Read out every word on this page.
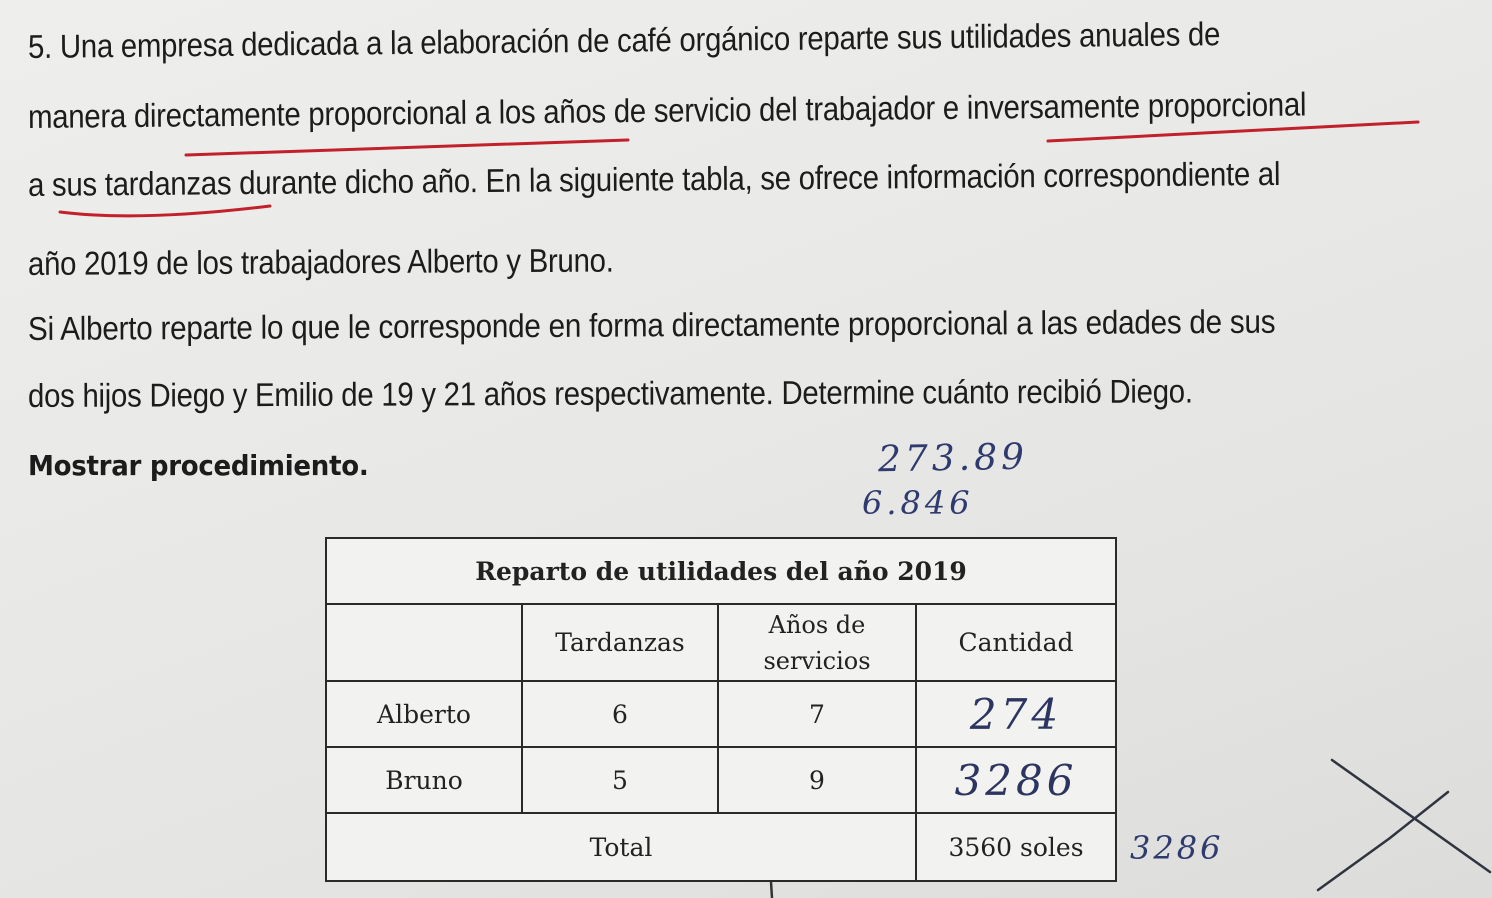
5. Una empresa dedicada a la elaboración de café orgánico reparte sus utilidades anuales de
manera directamente proporcional a los años de servicio del trabajador e inversamente proporcional
a sus tardanzas durante dicho año. En la siguiente tabla, se ofrece información correspondiente al
año 2019 de los trabajadores Alberto y Bruno.
Si Alberto reparte lo que le corresponde en forma directamente proporcional a las edades de sus
dos hijos Diego y Emilio de 19 y 21 años respectivamente. Determine cuánto recibió Diego.
Mostrar procedimiento.	273.89
6.846
Reparto de utilidades del año 2019			
	Tardanzas	Años de servicios	Cantidad
Alberto	6	7	274
Bruno	5	9	3286
Total			3560 soles 3286
